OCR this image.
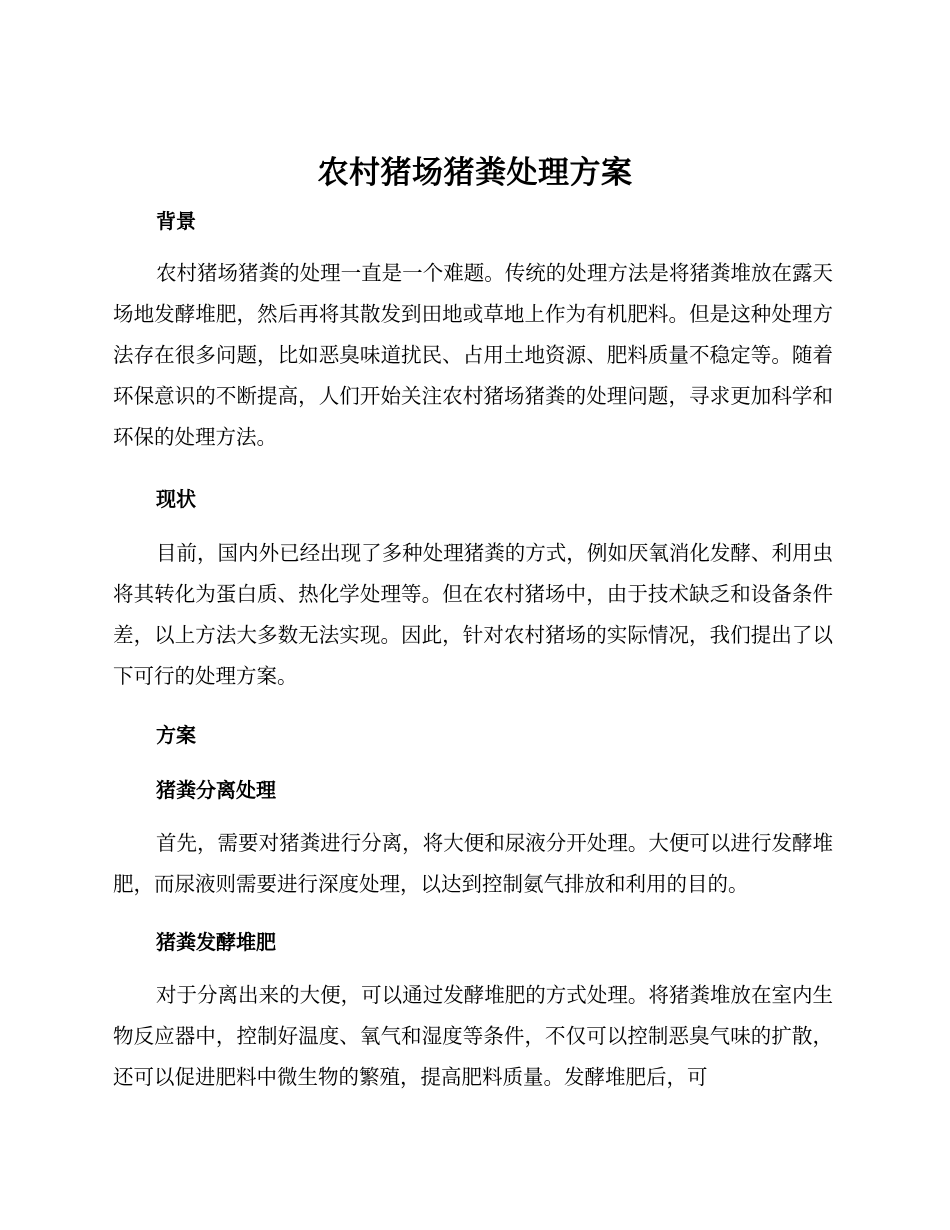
农村猪场猪粪处理方案
背景
农村猪场猪粪的处理一直是一个难题。传统的处理方法是将猪粪堆放在露天场地发酵堆肥，然后再将其散发到田地或草地上作为有机肥料。但是这种处理方法存在很多问题，比如恶臭味道扰民、占用土地资源、肥料质量不稳定等。随着环保意识的不断提高，人们开始关注农村猪场猪粪的处理问题，寻求更加科学和环保的处理方法。
现状
目前，国内外已经出现了多种处理猪粪的方式，例如厌氧消化发酵、利用虫将其转化为蛋白质、热化学处理等。但在农村猪场中，由于技术缺乏和设备条件差，以上方法大多数无法实现。因此，针对农村猪场的实际情况，我们提出了以下可行的处理方案。
方案
猪粪分离处理
首先，需要对猪粪进行分离，将大便和尿液分开处理。大便可以进行发酵堆肥，而尿液则需要进行深度处理，以达到控制氨气排放和利用的目的。
猪粪发酵堆肥
对于分离出来的大便，可以通过发酵堆肥的方式处理。将猪粪堆放在室内生物反应器中，控制好温度、氧气和湿度等条件，不仅可以控制恶臭气味的扩散，还可以促进肥料中微生物的繁殖，提高肥料质量。发酵堆肥后，可
